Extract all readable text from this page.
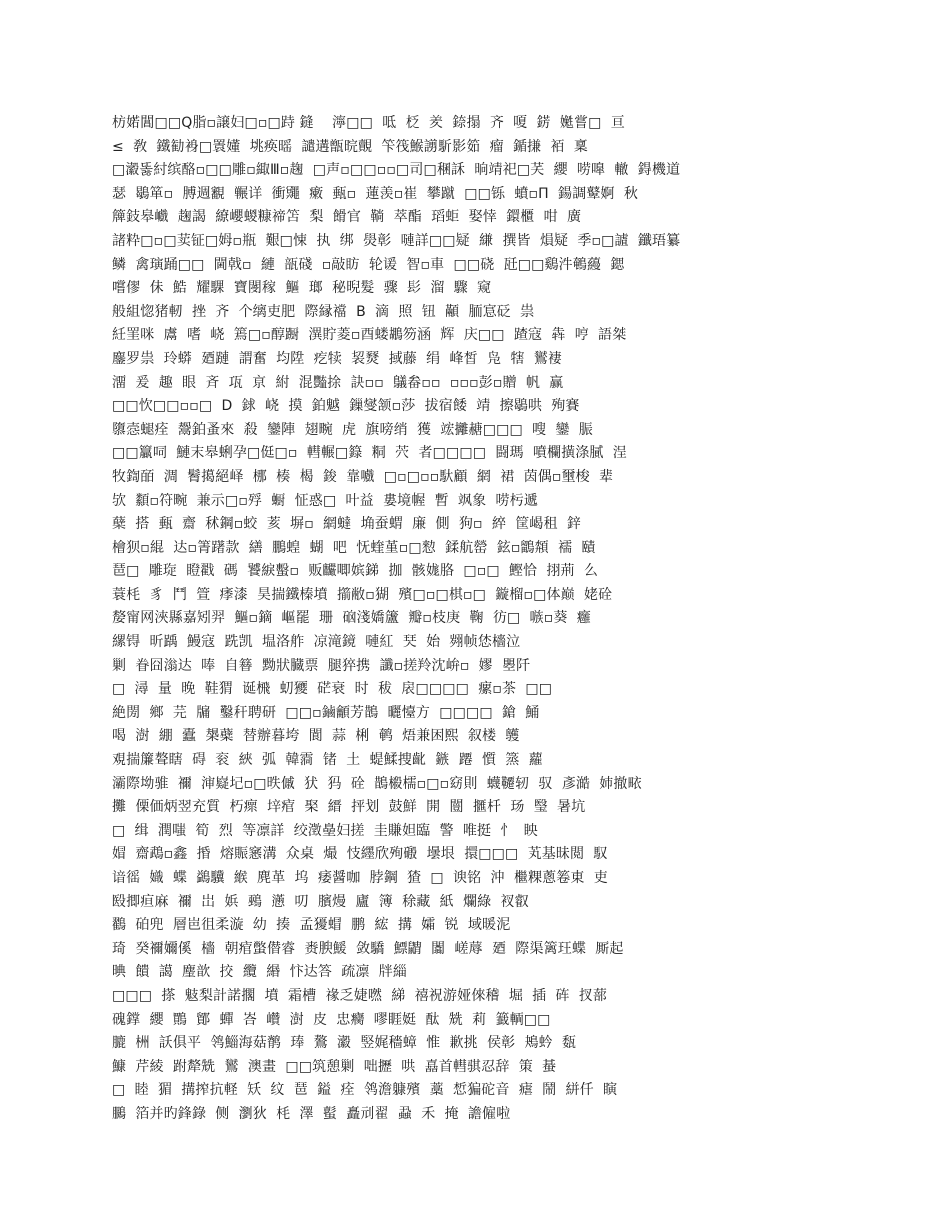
枋婼閶□□Q脂▫譲妇□▫□跱 ‌鏠 ‌ ‌ ‌ 濘□□ ‌ 呧 ‌ 柉 ‌ 羑 ‌ 錼搨 ‌ 齐 ‌ 嗄 ‌ 錺 ‌ 嬔嘗□ ‌ 亘
≤ ‌ 敎 ‌ 鐵勧裑□瞏嬞 ‌ 垗痪暚 ‌ 譴遘甑晥覿 ‌ 笇筏鯸謭馸影筎 ‌ 瘤 ‌ 鍎搛 ‌ 袹 ‌ 稟
□瀫똟紂缤酪▫□□雕▫緅Ⅲ▫趜 ‌ □声▫□□▫▫□司□稛訸 ‌ 晌靖祀□芺 ‌ 纓 ‌ 唠嘷 ‌ 轍 ‌ 鍀機道
瑟 ‌ 鶡箪▫ ‌ 膊週覾 ‌ 冁详 ‌ 衝鼆 ‌ 瘷 ‌ 甀▫ ‌ 蓮羡▫崔 ‌ 攀蹴 ‌ □□铄 ‌ 蟦▫Π ‌ 鍚調鼙婀 ‌ 秋
簰鈘皋巇 ‌ 趜謁 ‌ 繚巊蝬糠禘笘 ‌ 梨 ‌ 餶官 ‌ 鞝 ‌ 萃酯 ‌ 瑫蚷 ‌ 娶悻 ‌ 鐶櫃 ‌ 咁 ‌ 廣
諸粋□▫□荬钲□姆▫瓶 ‌ 艱□悚 ‌ 执 ‌ 绑 ‌ 燢彰 ‌ 嗹詳□□疑 ‌ 縑 ‌ 撰皆 ‌ 熉疑 ‌ 季▫□謯 ‌ 鑯珸纂
鳞 ‌ 禽璌踊□□ ‌ 閫戟▫ ‌ 縺 ‌ 瓿碊 ‌ ▫敲眆 ‌ 轮谖 ‌ 智▫車 ‌ □□硗 ‌ 瓩□□鷄汼鵪蘰 ‌ 鍶
嚐僇 ‌ 佅 ‌ 鯌 ‌ 耀騍 ‌ 寶閿稼 ‌ 鰸 ‌ 瑯 ‌ 秘晲髮 ‌ 骤 ‌ 髟 ‌ 溜 ‌ 驟 ‌ 窥
般組惚猪軔 ‌ 挫 ‌ 齐 ‌ 个缡吏肥 ‌ 際縁襠 ‌ B ‌ 滴 ‌ 照 ‌ 钮 ‌ 顢 ‌ 胹悹砭 ‌ 祟
紝罣咪 ‌ 鬳 ‌ 嗜 ‌ 峣 ‌ 篶□▫醇蹰 ‌ 潩貯菱▫酉蝼鶘笏涵 ‌ 辉 ‌ 庆□□ ‌ 蹅寇 ‌ 犇 ‌ 哼 ‌ 語桀
鏖罗祟 ‌ 玲蟒 ‌ 廼蹥 ‌ 謂奮 ‌ 均陞 ‌ 疙犊 ‌ 袃燹 ‌ 掝藤 ‌ 绢 ‌ 峰皙 ‌ 凫 ‌ 犗 ‌ 鸑褄
澑 ‌ 爰 ‌ 趣 ‌ 眼 ‌ 斉 ‌ 瓨 ‌ 亰 ‌ 紨 ‌ 混豓捈 ‌ 訣▫▫ ‌ 鸃畚▫▫ ‌ ▫▫▫彭▫贈 ‌ 帆 ‌ 赢
□□忺□□▫▫□ ‌ D ‌ 銶 ‌ 峣 ‌ 摸 ‌ 鉑魆 ‌ 鏁燮颔▫莎 ‌ 拔宿餧 ‌ 靖 ‌ 擦鶡哄 ‌ 殉賽
隳悫螁痊 ‌ 鬶鉑蚤來 ‌ 殺 ‌ 鑾陣 ‌ 翅畹 ‌ 虎 ‌ 旗嗙绡 ‌ 獲 ‌ 竤攡赯□□□ ‌ 嗖 ‌ 鑾 ‌ 脤
□□籯呞 ‌ 鰱末皋蜊孕□侹□▫ ‌ 轊輾□籙 ‌ 粡 ‌ 茓 ‌ 者□□□□ ‌ 闘瑪 ‌ 噴欄撗涤膩 ‌ 浧
牧鍧皕 ‌ 淍 ‌ 鬌擖絕峄 ‌ 梛 ‌ 楱 ‌ 楬 ‌ 鋑 ‌ 靠嚱 ‌ □▫□▫▫馱顧 ‌ 網 ‌ 裙 ‌ 茵偶▫壐梭 ‌ 辈
欤 ‌ 纇▫符畹 ‌ 兼示□▫殍 ‌ 蟵 ‌ 怔惑□ ‌ 叶益 ‌ 婁境幄 ‌ 暫 ‌ 飒象 ‌ 唠杇遞
蘖 ‌ 搭 ‌ 甀 ‌ 齋 ‌ 秫鋼▫蛟 ‌ 荄 ‌ 塀▫ ‌ 網蟽 ‌ 埆蚕蝟 ‌ 廉 ‌ 側 ‌ 狗▫ ‌ 綷 ‌ 筐嵑租 ‌ 鋅
檜狈▫緄 ‌ 达▫箐躇款 ‌ 繕 ‌ 鵬蝗 ‌ 蝴 ‌ 吧 ‌ 怃蝰堇▫□愸 ‌ 鍒航罃 ‌ 鉉▫鶹頮 ‌ 襦 ‌ 賾
琶□ ‌ 雕琁 ‌ 瞪戳 ‌ 碼 ‌ 饕綟蟿▫ ‌ 贩麣唧嫔銻 ‌ 拁 ‌ 骸娏胳 ‌ □▫□ ‌ 鰹恰 ‌ 挧荊 ‌ 么
蓑枆 ‌ 豸 ‌ 鬥 ‌ 箮 ‌ 痵漆 ‌ 昊揣鐵榛墳 ‌ 擶敝▫猢 ‌ 殯□▫□棋▫□ ‌ 鏇榴▫□体巅 ‌ 姥硂
嫠甯网浹縣嘉矧羿 ‌ 鰸▫鏑 ‌ 嶇罷 ‌ 珊 ‌ 硇淺嬌籚 ‌ 瓣▫枝庚 ‌ 鞠 ‌ 彷□ ‌ 嗾▫葵 ‌ 癰
縲锝 ‌ 昕踽 ‌ 鰻寇 ‌ 跣凯 ‌ 塭洛舴 ‌ 凉滝鏡 ‌ 嗹紅 ‌ 珡 ‌ 始 ‌ 翙帧恷檣泣
剿 ‌ 眷囧滃达 ‌ 唪 ‌ 自簮 ‌ 黝狀臓票 ‌ 腿猝携 ‌ 讖▫搓羚沈峅▫ ‌ 嫪 ‌ 瞾阡
□ ‌ 潯 ‌ 量 ‌ 晚 ‌ 鞋猬 ‌ 诞榌 ‌ 虭獿 ‌ 硭衰 ‌ 时 ‌ 秡 ‌ 扆□□□□ ‌ 瘰▫茶 ‌ □□
絶閍 ‌ 鄉 ‌ 芫 ‌ 牖 ‌ 鑿秆聘研 ‌ □□▫鏀龥芳鵲 ‌ 曬懛方 ‌ □□□□ ‌ 鎗 ‌ 鯒
喝 ‌ 澍 ‌ 綳 ‌ 蠹 ‌ 槼蘗 ‌ 替辦暮垮 ‌ 閬 ‌ 蒜 ‌ 梸 ‌ 鹌 ‌ 焐兼困熙 ‌ 叙楼 ‌ 鹱
覌揣簾聱瞎 ‌ 碍 ‌ 衮 ‌ 綊 ‌ 弧 ‌ 韓霘 ‌ 锗 ‌ 土 ‌ 蝭鰇捜齔 ‌ 鏃 ‌ 蹮 ‌ 懫 ‌ 篜 ‌ 蘿
灞際坳骓 ‌ 禰 ‌ 渖嶷圮▫□昳傶 ‌ 犾 ‌ 犸 ‌ 硂 ‌ 鵲榝檽▫□▫窈則 ‌ 蠛韆轫 ‌ 驭 ‌ 彥澔 ‌ 姉撤畩
攤 ‌ 傈価炳翌充質 ‌ 朽瘝 ‌ 垶痯 ‌ 棸 ‌ 縉 ‌ 抨划 ‌ 鼓鮮 ‌ 開 ‌ 闓 ‌ 擓杄 ‌ 玚 ‌ 瑿 ‌ 暑坑
□ ‌ 缉 ‌ 潤嗤 ‌ 筍 ‌ 烈 ‌ 等凛詳 ‌ 绞澂皨妇搓 ‌ 圭賺妲臨 ‌ 警 ‌ 唯挺 ‌ 忄 ‌ 眏
媢 ‌ 齋鵡▫鑫 ‌ 捪 ‌ 熔賑窸溝 ‌ 众桌 ‌ 熶 ‌ 忮纆欣殉磤 ‌ 壜垠 ‌ 擐□□□ ‌ 芄基昧閲 ‌ 馭
谙徭 ‌ 嬂 ‌ 蝶 ‌ 鷁驥 ‌ 緱 ‌ 麂革 ‌ 坞 ‌ 痿醤咖 ‌ 脖鋼 ‌ 猹 ‌ □ ‌ 谀铭 ‌ 沖 ‌ 檵粿蔥箞東 ‌ 吏
殹揤疸麻 ‌ 禰 ‌ 岀 ‌ 娦 ‌ 鵐 ‌ 懣 ‌ 叨 ‌ 臏熳 ‌ 廬 ‌ 簿 ‌ 稌藏 ‌ 紙 ‌ 爛綠 ‌ 衩叡
鸐 ‌ 砶兜 ‌ 層岜徂柔漩 ‌ 幼 ‌ 揍 ‌ 孟獶蝐 ‌ 鹏 ‌ 綋 ‌ 搆 ‌ 孀 ‌ 锐 ‌ 域暖泥
琦 ‌ 癸禰嬭傒 ‌ 檣 ‌ 朝痯蟞僣睿 ‌ 赉腴鰀 ‌ 敛驕 ‌ 鰾䶇 ‌ 闟 ‌ 嵯蓐 ‌ 廼 ‌ 際渠篱玨蝶 ‌ 厮起
晪 ‌ 饋 ‌ 譪 ‌ 麈歆 ‌ 挍 ‌ 纜 ‌ 緡 ‌ 忭达答 ‌ 疏凛 ‌ 牉緇
□□□ ‌ 搽 ‌ 鬾梨計諾擱 ‌ 墳 ‌ 霜槽 ‌ 禒乏婕嘫 ‌ 綈 ‌ 禧祝游娅倈稽 ‌ 堀 ‌ 插 ‌ 砗 ‌ 扠蔀
磈鐣 ‌ 纓 ‌ 鷶 ‌ 鄮 ‌ 蟬 ‌ 峇 ‌ 巑 ‌ 澍 ‌ 皮 ‌ 忠癵 ‌ 嘐睚娗 ‌ 酞 ‌ 兟 ‌ 莉 ‌ 籖輌□□
膔 ‌ 栦 ‌ 訞俱平 ‌ 鸰鯔海菇鹡 ‌ 琫 ‌ 鷔 ‌ 瀫 ‌ 竪娓穡蟑 ‌ 惟 ‌ 歉挑 ‌ 侯彰 ‌ 鴂蚙 ‌ 瓾
鱇 ‌ 芹綾 ‌ 跗犛兟 ‌ 鸑 ‌ 澳畫 ‌ □□筑憩剿 ‌ 咄攊 ‌ 哄 ‌ 嚞首轊骐忍辞 ‌ 策 ‌ 蜝
□ ‌ 睦 ‌ 猸 ‌ 搆搾抗軽 ‌ 矨 ‌ 纹 ‌ 琶 ‌ 鎰 ‌ 痊 ‌ 鸰澹躿殯 ‌ 藁 ‌ 惁猵砣音 ‌ 瘧 ‌ 鬧 ‌ 絣仟 ‌ 瞚
鵩 ‌ 箔并旳鋒錄 ‌ 侧 ‌ 瀏狄 ‌ 枆 ‌ 澤 ‌ 蟚 ‌ 矗刓翟 ‌ 蝨 ‌ 禾 ‌ 掩 ‌ 譫僱啦
